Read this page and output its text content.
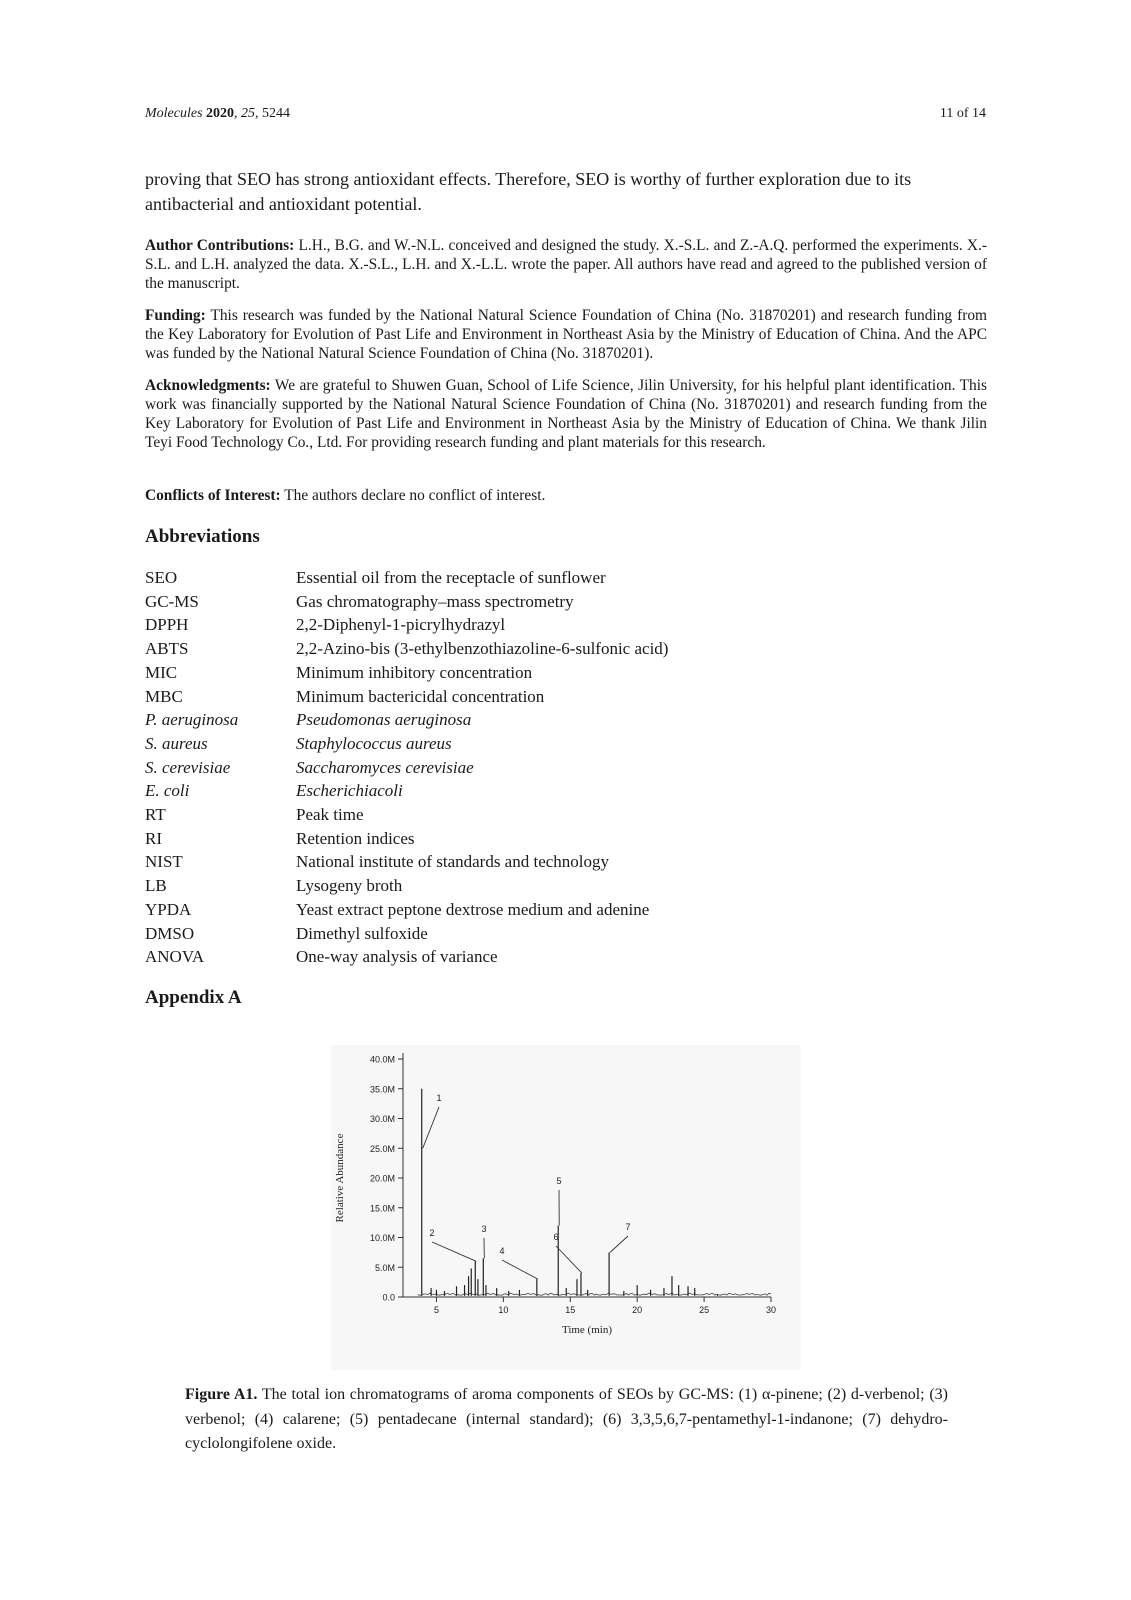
Molecules 2020, 25, 5244	11 of 14

proving that SEO has strong antioxidant effects. Therefore, SEO is worthy of further exploration due to its antibacterial and antioxidant potential.

Author Contributions: L.H., B.G. and W.-N.L. conceived and designed the study. X.-S.L. and Z.-A.Q. performed the experiments. X.-S.L. and L.H. analyzed the data. X.-S.L., L.H. and X.-L.L. wrote the paper. All authors have read and agreed to the published version of the manuscript.

Funding: This research was funded by the National Natural Science Foundation of China (No. 31870201) and research funding from the Key Laboratory for Evolution of Past Life and Environment in Northeast Asia by the Ministry of Education of China. And the APC was funded by the National Natural Science Foundation of China (No. 31870201).

Acknowledgments: We are grateful to Shuwen Guan, School of Life Science, Jilin University, for his helpful plant identification. This work was financially supported by the National Natural Science Foundation of China (No. 31870201) and research funding from the Key Laboratory for Evolution of Past Life and Environment in Northeast Asia by the Ministry of Education of China. We thank Jilin Teyi Food Technology Co., Ltd. For providing research funding and plant materials for this research.

Conflicts of Interest: The authors declare no conflict of interest.

Abbreviations
SEO	Essential oil from the receptacle of sunflower
GC-MS	Gas chromatography–mass spectrometry
DPPH	2,2-Diphenyl-1-picrylhydrazyl
ABTS	2,2-Azino-bis (3-ethylbenzothiazoline-6-sulfonic acid)
MIC	Minimum inhibitory concentration
MBC	Minimum bactericidal concentration
P. aeruginosa	Pseudomonas aeruginosa
S. aureus	Staphylococcus aureus
S. cerevisiae	Saccharomyces cerevisiae
E. coli	Escherichiacoli
RT	Peak time
RI	Retention indices
NIST	National institute of standards and technology
LB	Lysogeny broth
YPDA	Yeast extract peptone dextrose medium and adenine
DMSO	Dimethyl sulfoxide
ANOVA	One-way analysis of variance
Appendix A
0.0
5.0M
10.0M
15.0M
20.0M
25.0M
30.0M
35.0M
40.0M
5	10	15	20	25	30
1
2	3
4
5
6
7
Time (min)
Relative Abundance

Figure A1. The total ion chromatograms of aroma components of SEOs by GC-MS: (1) α-pinene; (2) d-verbenol; (3) verbenol; (4) calarene; (5) pentadecane (internal standard); (6) 3,3,5,6,7-pentamethyl-1-indanone; (7) dehydro-cyclolongifolene oxide.
